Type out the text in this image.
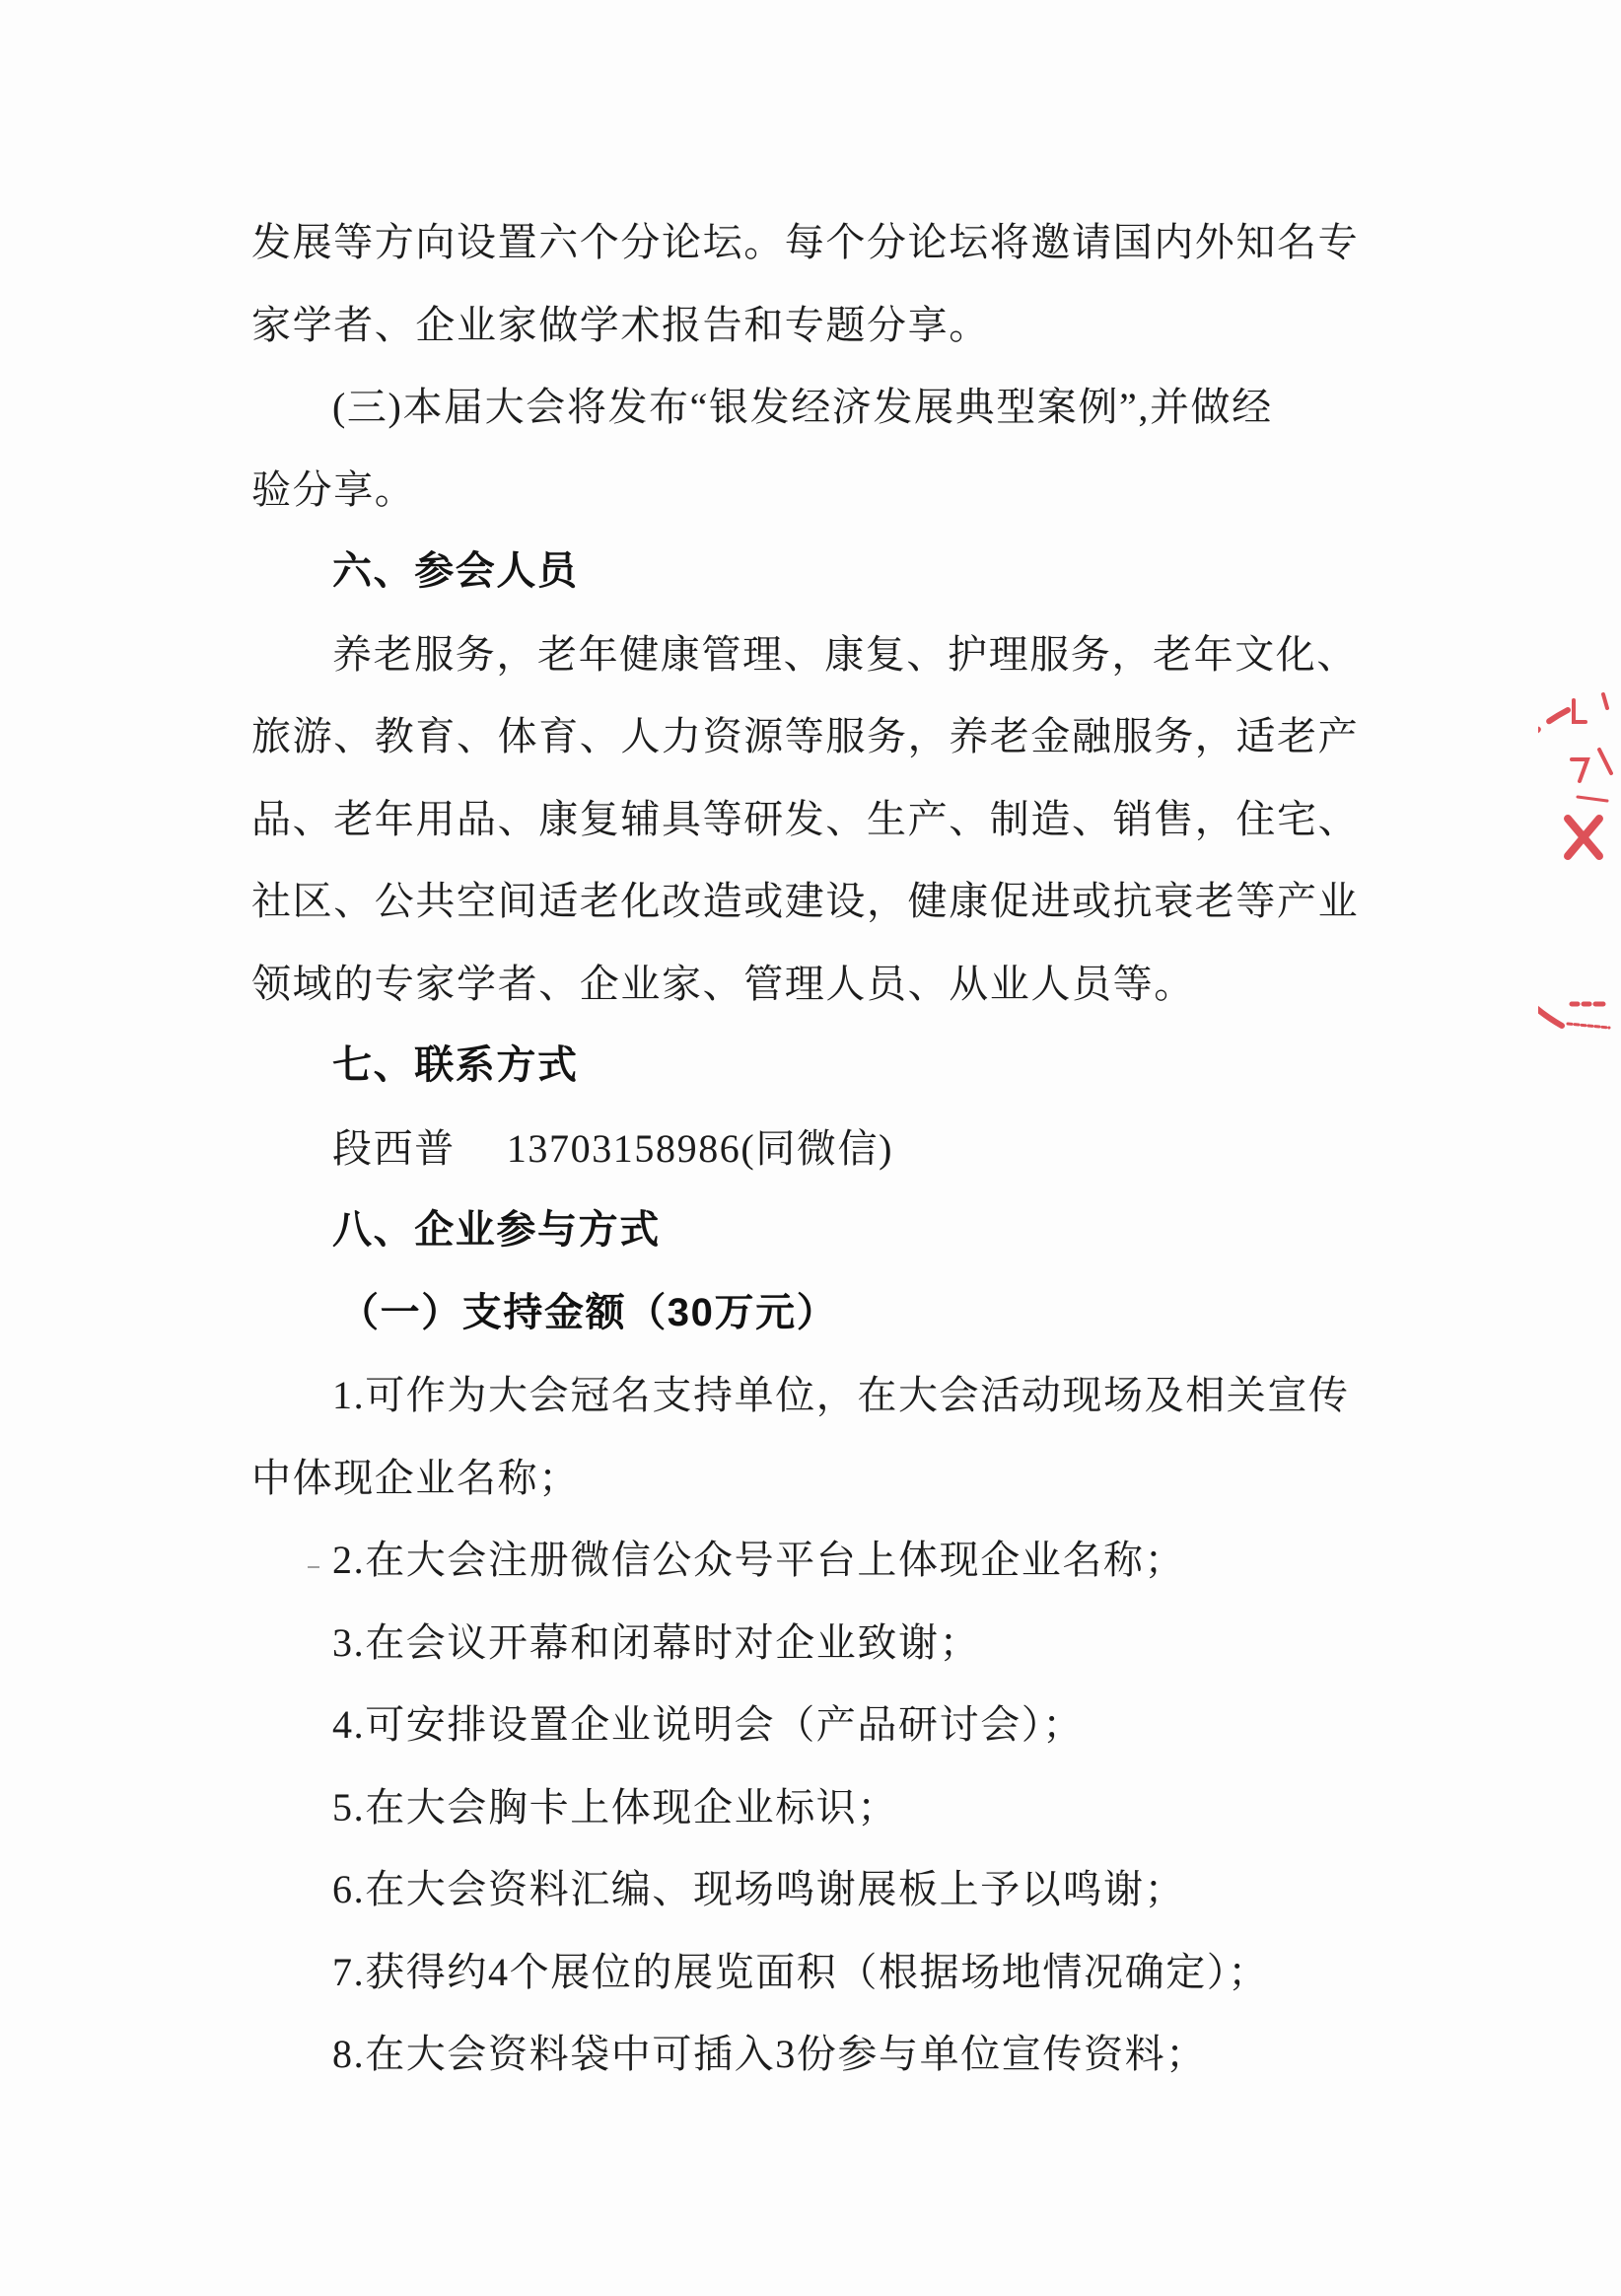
发展等方向设置六个分论坛。每个分论坛将邀请国内外知名专
家学者、企业家做学术报告和专题分享。
(三)本届大会将发布“银发经济发展典型案例”,并做经
验分享。
六、参会人员
养老服务，老年健康管理、康复、护理服务，老年文化、
旅游、教育、体育、人力资源等服务，养老金融服务，适老产
品、老年用品、康复辅具等研发、生产、制造、销售，住宅、
社区、公共空间适老化改造或建设，健康促进或抗衰老等产业
领域的专家学者、企业家、管理人员、从业人员等。
七、联系方式
段西普 13703158986(同微信)
八、企业参与方式
（一）支持金额（30万元）
1.可作为大会冠名支持单位，在大会活动现场及相关宣传
中体现企业名称；
2.在大会注册微信公众号平台上体现企业名称；
3.在会议开幕和闭幕时对企业致谢；
4.可安排设置企业说明会（产品研讨会）；
5.在大会胸卡上体现企业标识；
6.在大会资料汇编、现场鸣谢展板上予以鸣谢；
7.获得约4个展位的展览面积（根据场地情况确定）；
8.在大会资料袋中可插入3份参与单位宣传资料；
